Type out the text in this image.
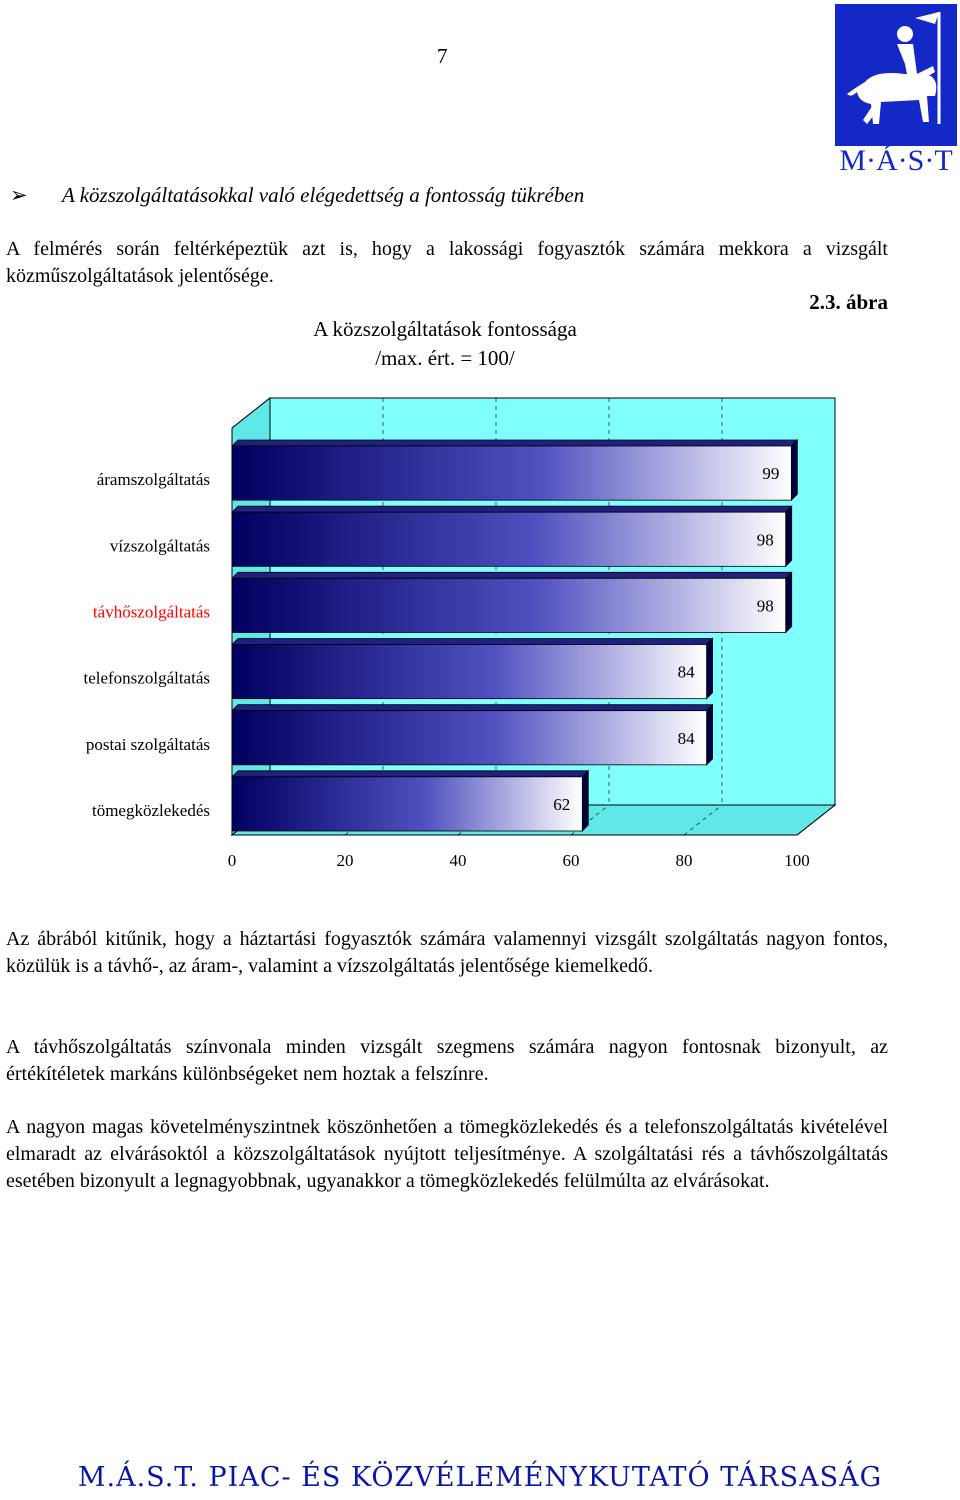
7
M·Á·S·T
➢ A közszolgáltatásokkal való elégedettség a fontosság tükrében
A felmérés során feltérképeztük azt is, hogy a lakossági fogyasztók számára mekkora a vizsgált közműszolgáltatások jelentősége.
2.3. ábra
A közszolgáltatások fontossága
/max. ért. = 100/
0	20	40	60	80	100
99
áramszolgáltatás
98
vízszolgáltatás
98
távhőszolgáltatás
84
telefonszolgáltatás
84
postai szolgáltatás
62
tömegközlekedés
Az ábrából kitűnik, hogy a háztartási fogyasztók számára valamennyi vizsgált szolgáltatás nagyon fontos, közülük is a távhő-, az áram-, valamint a vízszolgáltatás jelentősége kiemelkedő.
A távhőszolgáltatás színvonala minden vizsgált szegmens számára nagyon fontosnak bizonyult, az értékítéletek markáns különbségeket nem hoztak a felszínre.
A nagyon magas követelményszintnek köszönhetően a tömegközlekedés és a telefonszolgáltatás kivételével elmaradt az elvárásoktól a közszolgáltatások nyújtott teljesítménye. A szolgáltatási rés a távhőszolgáltatás esetében bizonyult a legnagyobbnak, ugyanakkor a tömegközlekedés felülmúlta az elvárásokat.
M.Á.S.T. PIAC- ÉS KÖZVÉLEMÉNYKUTATÓ TÁRSASÁG
